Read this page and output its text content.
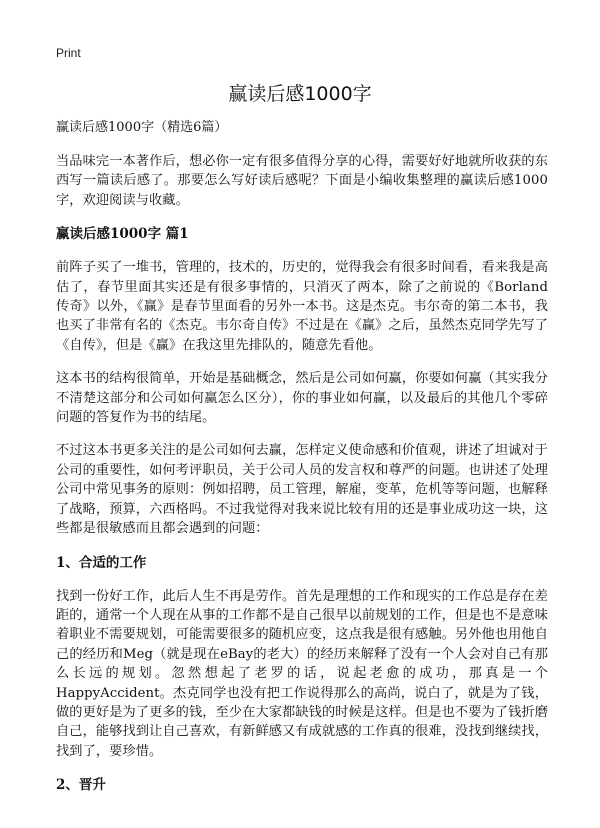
Print
赢读后感1000字
赢读后感1000字（精选6篇）

当品味完一本著作后，想必你一定有很多值得分享的心得，需要好好地就所收获的东西写一篇读后感了。那要怎么写好读后感呢？下面是小编收集整理的赢读后感1000字，欢迎阅读与收藏。

赢读后感1000字 篇1

前阵子买了一堆书，管理的，技术的，历史的，觉得我会有很多时间看，看来我是高估了，春节里面其实还是有很多事情的，只消灭了两本，除了之前说的《Borland传奇》以外，《赢》是春节里面看的另外一本书。这是杰克。韦尔奇的第二本书，我也买了非常有名的《杰克。韦尔奇自传》不过是在《赢》之后，虽然杰克同学先写了《自传》，但是《赢》在我这里先排队的，随意先看他。

这本书的结构很简单，开始是基础概念，然后是公司如何赢，你要如何赢（其实我分不清楚这部分和公司如何赢怎么区分），你的事业如何赢，以及最后的其他几个零碎问题的答复作为书的结尾。

不过这本书更多关注的是公司如何去赢，怎样定义使命感和价值观，讲述了坦诚对于公司的重要性，如何考评职员，关于公司人员的发言权和尊严的问题。也讲述了处理公司中常见事务的原则：例如招聘，员工管理，解雇，变革，危机等等问题，也解释了战略，预算，六西格吗。不过我觉得对我来说比较有用的还是事业成功这一块，这些都是很敏感而且都会遇到的问题：

1、合适的工作

找到一份好工作，此后人生不再是劳作。首先是理想的工作和现实的工作总是存在差距的，通常一个人现在从事的工作都不是自己很早以前规划的工作，但是也不是意味着职业不需要规划，可能需要很多的随机应变，这点我是很有感触。另外他也用他自己的经历和Meg（就是现在eBay的老大）的经历来解释了没有一个人会对自己有那么长远的规划。忽然想起了老罗的话，说起老愈的成功，那真是一个HappyAccident。杰克同学也没有把工作说得那么的高尚，说白了，就是为了钱，做的更好是为了更多的钱，至少在大家都缺钱的时候是这样。但是也不要为了钱折磨自己，能够找到让自己喜欢，有新鲜感又有成就感的工作真的很难，没找到继续找，找到了，要珍惜。

2、晋升
